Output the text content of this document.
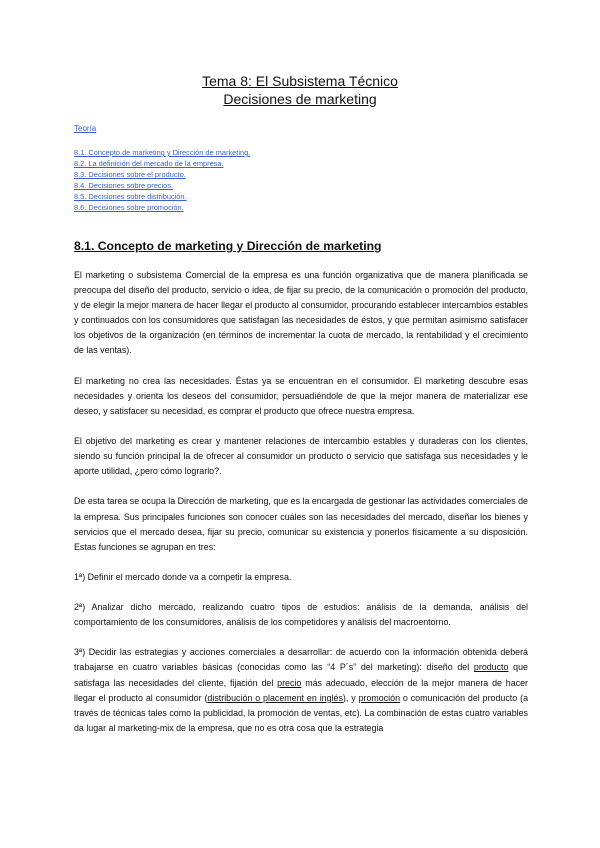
Tema 8: El Subsistema Técnico
Decisiones de marketing
Teoría
8.1. Concepto de marketing y Dirección de marketing.
8.2. La definición del mercado de la empresa.
8.3. Decisiones sobre el producto.
8.4. Decisiones sobre precios.
8.5. Decisiones sobre distribución.
8.6. Decisiones sobre promoción.
8.1. Concepto de marketing y Dirección de marketing

El marketing o subsistema Comercial de la empresa es una función organizativa que de manera planificada se preocupa del diseño del producto, servicio o idea, de fijar su precio, de la comunicación o promoción del producto, y de elegir la mejor manera de hacer llegar el producto al consumidor, procurando establecer intercambios estables y continuados con los consumidores que satisfagan las necesidades de éstos, y que permitan asimismo satisfacer los objetivos de la organización (en términos de incrementar la cuota de mercado, la rentabilidad y el crecimiento de las ventas).

El marketing no crea las necesidades. Éstas ya se encuentran en el consumidor. El marketing descubre esas necesidades y orienta los deseos del consumidor, persuadiéndole de que la mejor manera de materializar ese deseo, y satisfacer su necesidad, es comprar el producto que ofrece nuestra empresa.

El objetivo del marketing es crear y mantener relaciones de intercambio estables y duraderas con los clientes, siendo su función principal la de ofrecer al consumidor un producto o servicio que satisfaga sus necesidades y le aporte utilidad, ¿pero cómo lograrlo?.

De esta tarea se ocupa la Dirección de marketing, que es la encargada de gestionar las actividades comerciales de la empresa. Sus principales funciones son conocer cuáles son las necesidades del mercado, diseñar los bienes y servicios que el mercado desea, fijar su precio, comunicar su existencia y ponerlos físicamente a su disposición. Estas funciones se agrupan en tres:

1ª) Definir el mercado donde va a competir la empresa.

2ª) Analizar dicho mercado, realizando cuatro tipos de estudios: análisis de la demanda, análisis del comportamiento de los consumidores, análisis de los competidores y análisis del macroentorno.

3ª) Decidir las estrategias y acciones comerciales a desarrollar: de acuerdo con la información obtenida deberá trabajarse en cuatro variables básicas (conocidas como las “4 P´s” del marketing): diseño del producto que satisfaga las necesidades del cliente, fijación del precio más adecuado, elección de la mejor manera de hacer llegar el producto al consumidor (distribución o placement en inglés), y promoción o comunicación del producto (a través de técnicas tales como la publicidad, la promoción de ventas, etc). La combinación de estas cuatro variables da lugar al marketing-mix de la empresa, que no es otra cosa que la estrategia
